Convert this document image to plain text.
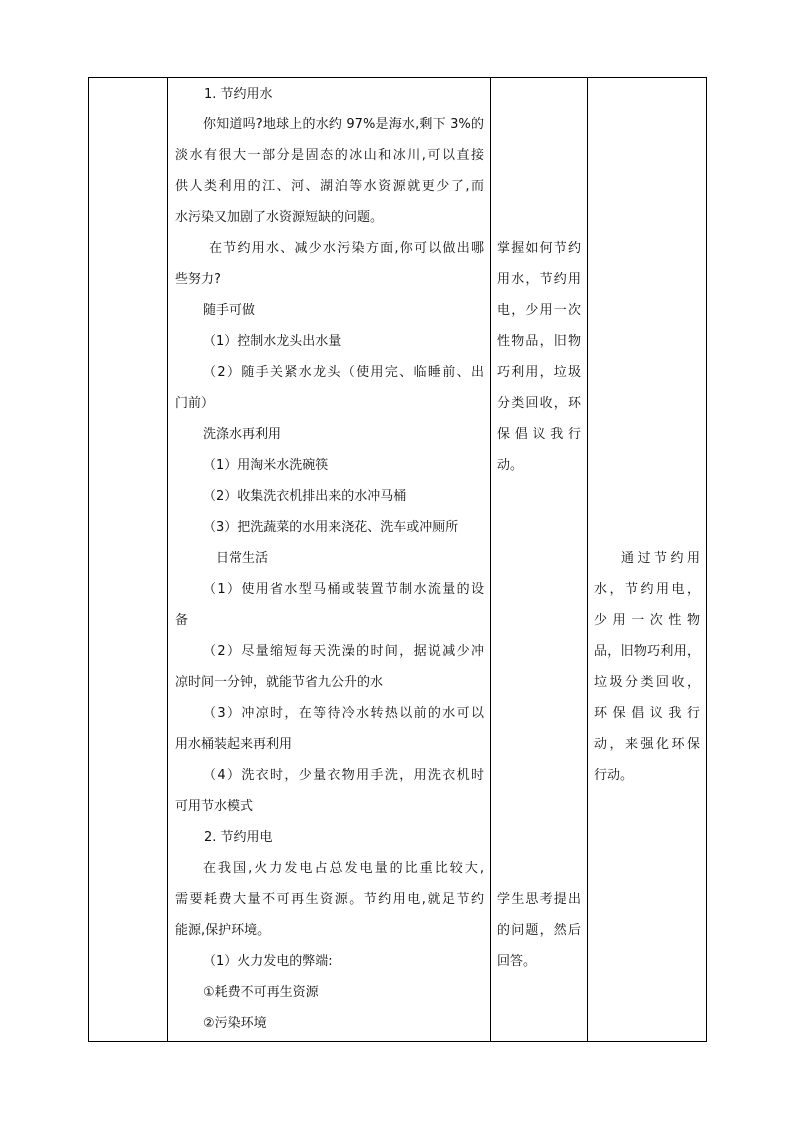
1. 节约用水
你知道吗?地球上的水约 97%是海水,剩下 3%的
淡水有很大一部分是固态的冰山和冰川,可以直接
供人类利用的江、河、湖泊等水资源就更少了,而
水污染又加剧了水资源短缺的问题。
在节约用水、减少水污染方面,你可以做出哪
些努力?
随手可做
（1）控制水龙头出水量
（2）随手关紧水龙头（使用完、临睡前、出
门前）
洗涤水再利用
（1）用淘米水洗碗筷
（2）收集洗衣机排出来的水冲马桶
（3）把洗蔬菜的水用来浇花、洗车或冲厕所
日常生活
（1）使用省水型马桶或装置节制水流量的设
备
（2）尽量缩短每天洗澡的时间，据说减少冲
凉时间一分钟，就能节省九公升的水
（3）冲凉时，在等待冷水转热以前的水可以
用水桶装起来再利用
（4）洗衣时，少量衣物用手洗，用洗衣机时
可用节水模式
2. 节约用电
在我国,火力发电占总发电量的比重比较大,
需要耗费大量不可再生资源。节约用电,就足节约
能源,保护环境。
（1）火力发电的弊端:
①耗费不可再生资源
②污染环境
掌握如何节约
用水，节约用
电，少用一次
性物品，旧物
巧利用，垃圾
分类回收，环
保倡议我行
动。
学生思考提出
的问题，然后
回答。
通过节约用
水，节约用电，
少用一次性物
品，旧物巧利用，
垃圾分类回收，
环保倡议我行
动，来强化环保
行动。
